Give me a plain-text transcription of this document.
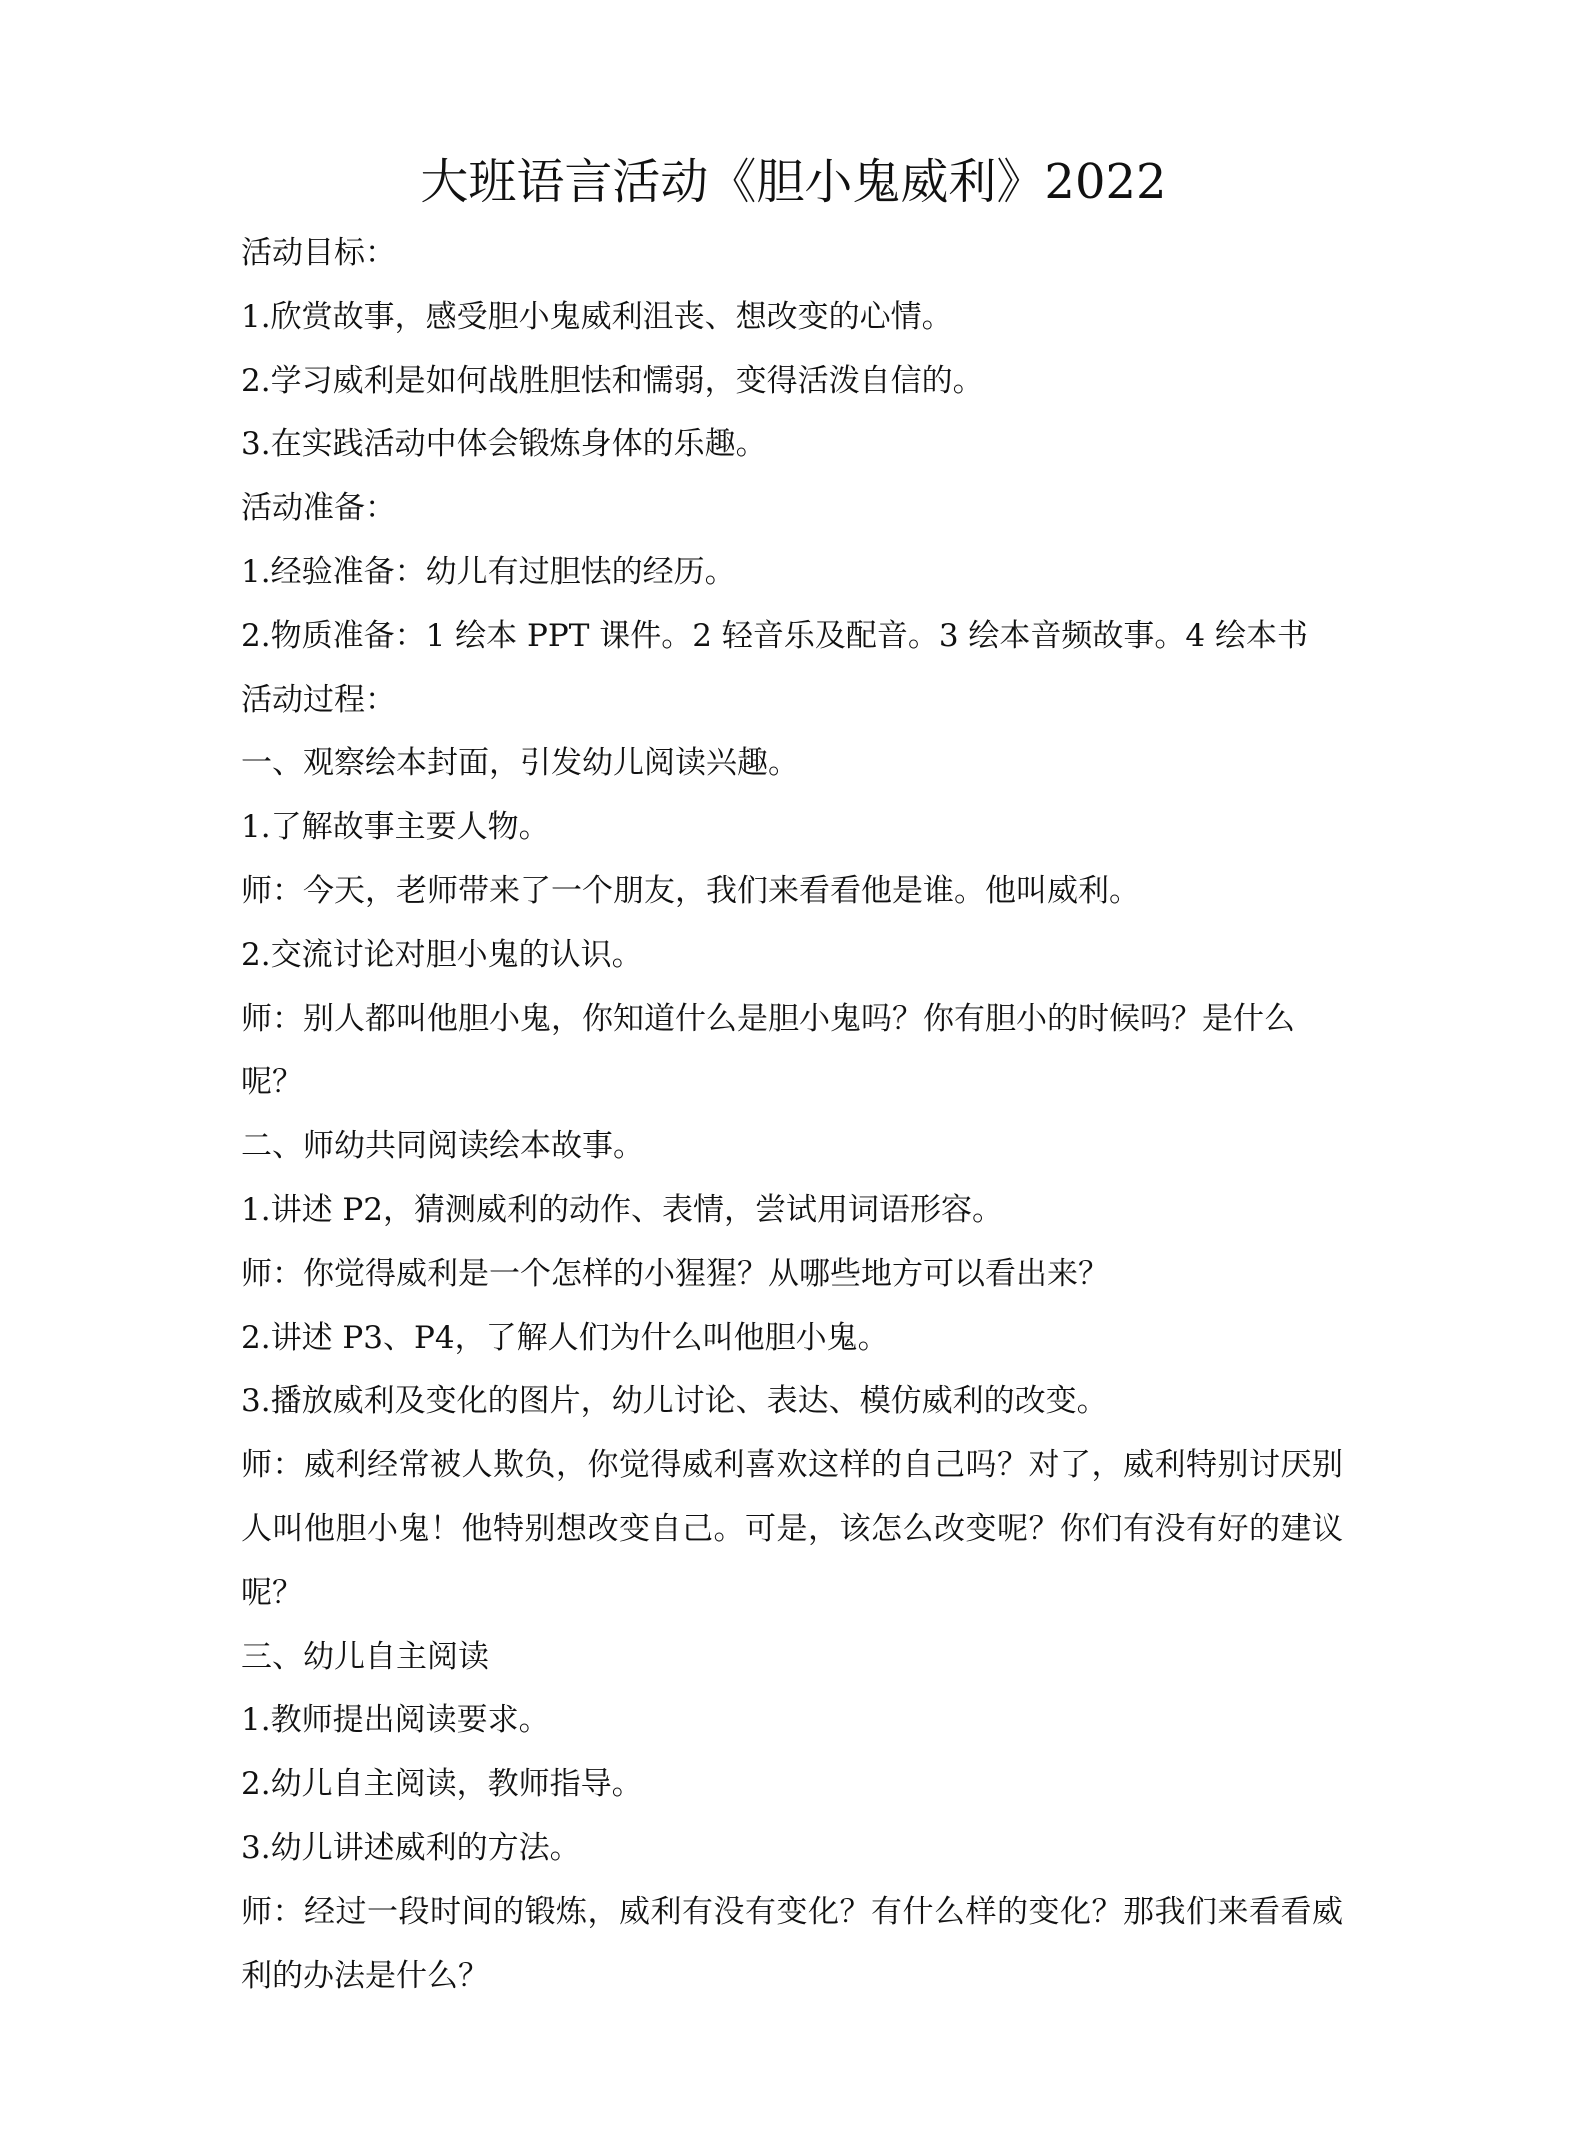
大班语言活动《胆小鬼威利》2022
活动目标：
1.欣赏故事，感受胆小鬼威利沮丧、想改变的心情。
2.学习威利是如何战胜胆怯和懦弱，变得活泼自信的。
3.在实践活动中体会锻炼身体的乐趣。
活动准备：
1.经验准备：幼儿有过胆怯的经历。
2.物质准备：1 绘本 PPT 课件。2 轻音乐及配音。3 绘本音频故事。4 绘本书
活动过程：
一、观察绘本封面，引发幼儿阅读兴趣。
1.了解故事主要人物。
师：今天，老师带来了一个朋友，我们来看看他是谁。他叫威利。
2.交流讨论对胆小鬼的认识。
师：别人都叫他胆小鬼，你知道什么是胆小鬼吗？你有胆小的时候吗？是什么
呢？
二、师幼共同阅读绘本故事。
1.讲述 P2，猜测威利的动作、表情，尝试用词语形容。
师：你觉得威利是一个怎样的小猩猩？从哪些地方可以看出来？
2.讲述 P3、P4，了解人们为什么叫他胆小鬼。
3.播放威利及变化的图片，幼儿讨论、表达、模仿威利的改变。
师：威利经常被人欺负，你觉得威利喜欢这样的自己吗？对了，威利特别讨厌别
人叫他胆小鬼！他特别想改变自己。可是，该怎么改变呢？你们有没有好的建议
呢？
三、幼儿自主阅读
1.教师提出阅读要求。
2.幼儿自主阅读，教师指导。
3.幼儿讲述威利的方法。
师：经过一段时间的锻炼，威利有没有变化？有什么样的变化？那我们来看看威
利的办法是什么？
